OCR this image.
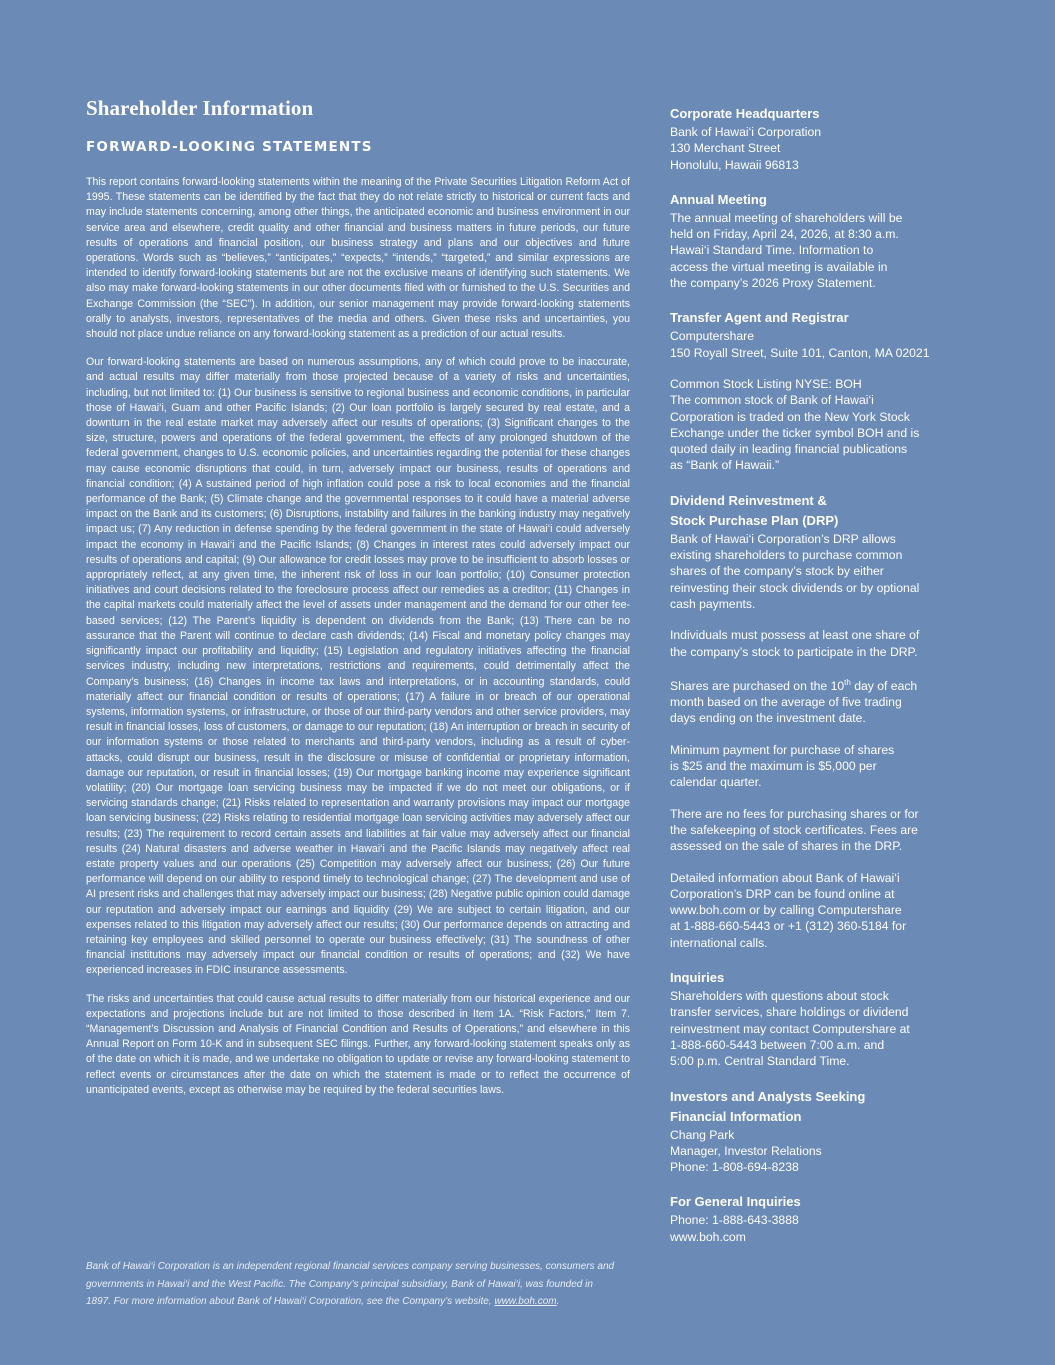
Shareholder Information
FORWARD-LOOKING STATEMENTS

This report contains forward-looking statements within the meaning of the Private Securities Litigation Reform Act of 1995. These statements can be identified by the fact that they do not relate strictly to historical or current facts and may include statements concerning, among other things, the anticipated economic and business environment in our service area and elsewhere, credit quality and other financial and business matters in future periods, our future results of operations and financial position, our business strategy and plans and our objectives and future operations. Words such as “believes,” “anticipates,” “expects,” “intends,” “targeted,” and similar expressions are intended to identify forward-looking statements but are not the exclusive means of identifying such statements. We also may make forward-looking statements in our other documents filed with or furnished to the U.S. Securities and Exchange Commission (the “SEC”). In addition, our senior management may provide forward-looking statements orally to analysts, investors, representatives of the media and others. Given these risks and uncertainties, you should not place undue reliance on any forward-looking statement as a prediction of our actual results.

Our forward-looking statements are based on numerous assumptions, any of which could prove to be inaccurate, and actual results may differ materially from those projected because of a variety of risks and uncertainties, including, but not limited to: (1) Our business is sensitive to regional business and economic conditions, in particular those of Hawai‘i, Guam and other Pacific Islands; (2) Our loan portfolio is largely secured by real estate, and a downturn in the real estate market may adversely affect our results of operations; (3) Significant changes to the size, structure, powers and operations of the federal government, the effects of any prolonged shutdown of the federal government, changes to U.S. economic policies, and uncertainties regarding the potential for these changes may cause economic disruptions that could, in turn, adversely impact our business, results of operations and financial condition; (4) A sustained period of high inflation could pose a risk to local economies and the financial performance of the Bank; (5) Climate change and the governmental responses to it could have a material adverse impact on the Bank and its customers; (6) Disruptions, instability and failures in the banking industry may negatively impact us; (7) Any reduction in defense spending by the federal government in the state of Hawai‘i could adversely impact the economy in Hawai‘i and the Pacific Islands; (8) Changes in interest rates could adversely impact our results of operations and capital; (9) Our allowance for credit losses may prove to be insufficient to absorb losses or appropriately reflect, at any given time, the inherent risk of loss in our loan portfolio; (10) Consumer protection initiatives and court decisions related to the foreclosure process affect our remedies as a creditor; (11) Changes in the capital markets could materially affect the level of assets under management and the demand for our other fee-based services; (12) The Parent’s liquidity is dependent on dividends from the Bank; (13) There can be no assurance that the Parent will continue to declare cash dividends; (14) Fiscal and monetary policy changes may significantly impact our profitability and liquidity; (15) Legislation and regulatory initiatives affecting the financial services industry, including new interpretations, restrictions and requirements, could detrimentally affect the Company’s business; (16) Changes in income tax laws and interpretations, or in accounting standards, could materially affect our financial condition or results of operations; (17) A failure in or breach of our operational systems, information systems, or infrastructure, or those of our third-party vendors and other service providers, may result in financial losses, loss of customers, or damage to our reputation; (18) An interruption or breach in security of our information systems or those related to merchants and third-party vendors, including as a result of cyber-attacks, could disrupt our business, result in the disclosure or misuse of confidential or proprietary information, damage our reputation, or result in financial losses; (19) Our mortgage banking income may experience significant volatility; (20) Our mortgage loan servicing business may be impacted if we do not meet our obligations, or if servicing standards change; (21) Risks related to representation and warranty provisions may impact our mortgage loan servicing business; (22) Risks relating to residential mortgage loan servicing activities may adversely affect our results; (23) The requirement to record certain assets and liabilities at fair value may adversely affect our financial results (24) Natural disasters and adverse weather in Hawai‘i and the Pacific Islands may negatively affect real estate property values and our operations (25) Competition may adversely affect our business; (26) Our future performance will depend on our ability to respond timely to technological change; (27) The development and use of AI present risks and challenges that may adversely impact our business; (28) Negative public opinion could damage our reputation and adversely impact our earnings and liquidity (29) We are subject to certain litigation, and our expenses related to this litigation may adversely affect our results; (30) Our performance depends on attracting and retaining key employees and skilled personnel to operate our business effectively; (31) The soundness of other financial institutions may adversely impact our financial condition or results of operations; and (32) We have experienced increases in FDIC insurance assessments.

The risks and uncertainties that could cause actual results to differ materially from our historical experience and our expectations and projections include but are not limited to those described in Item 1A. “Risk Factors,” Item 7. “Management’s Discussion and Analysis of Financial Condition and Results of Operations,” and elsewhere in this Annual Report on Form 10-K and in subsequent SEC filings. Further, any forward-looking statement speaks only as of the date on which it is made, and we undertake no obligation to update or revise any forward-looking statement to reflect events or circumstances after the date on which the statement is made or to reflect the occurrence of unanticipated events, except as otherwise may be required by the federal securities laws.

Bank of Hawai‘i Corporation is an independent regional financial services company serving businesses, consumers and governments in Hawai‘i and the West Pacific. The Company’s principal subsidiary, Bank of Hawai‘i, was founded in 1897. For more information about Bank of Hawai‘i Corporation, see the Company’s website, www.boh.com.
Corporate Headquarters

Bank of Hawai‘i Corporation

130 Merchant Street

Honolulu, Hawaii 96813

Annual Meeting

The annual meeting of shareholders will be

held on Friday, April 24, 2026, at 8:30 a.m.

Hawai‘i Standard Time. Information to

access the virtual meeting is available in

the company’s 2026 Proxy Statement.

Transfer Agent and Registrar

Computershare

150 Royall Street, Suite 101, Canton, MA 02021

Common Stock Listing NYSE: BOH

The common stock of Bank of Hawai‘i

Corporation is traded on the New York Stock

Exchange under the ticker symbol BOH and is

quoted daily in leading financial publications

as “Bank of Hawaii.”

Dividend Reinvestment &
Stock Purchase Plan (DRP)

Bank of Hawai‘i Corporation’s DRP allows

existing shareholders to purchase common

shares of the company’s stock by either

reinvesting their stock dividends or by optional

cash payments.

Individuals must possess at least one share of

the company’s stock to participate in the DRP.

Shares are purchased on the 10th day of each

month based on the average of five trading

days ending on the investment date.

Minimum payment for purchase of shares

is $25 and the maximum is $5,000 per

calendar quarter.

There are no fees for purchasing shares or for

the safekeeping of stock certificates. Fees are

assessed on the sale of shares in the DRP.

Detailed information about Bank of Hawai‘i

Corporation’s DRP can be found online at

www.boh.com or by calling Computershare

at 1-888-660-5443 or +1 (312) 360-5184 for

international calls.

Inquiries

Shareholders with questions about stock

transfer services, share holdings or dividend

reinvestment may contact Computershare at

1-888-660-5443 between 7:00 a.m. and

5:00 p.m. Central Standard Time.

Investors and Analysts Seeking
Financial Information

Chang Park

Manager, Investor Relations

Phone: 1-808-694-8238

For General Inquiries

Phone: 1-888-643-3888

www.boh.com
